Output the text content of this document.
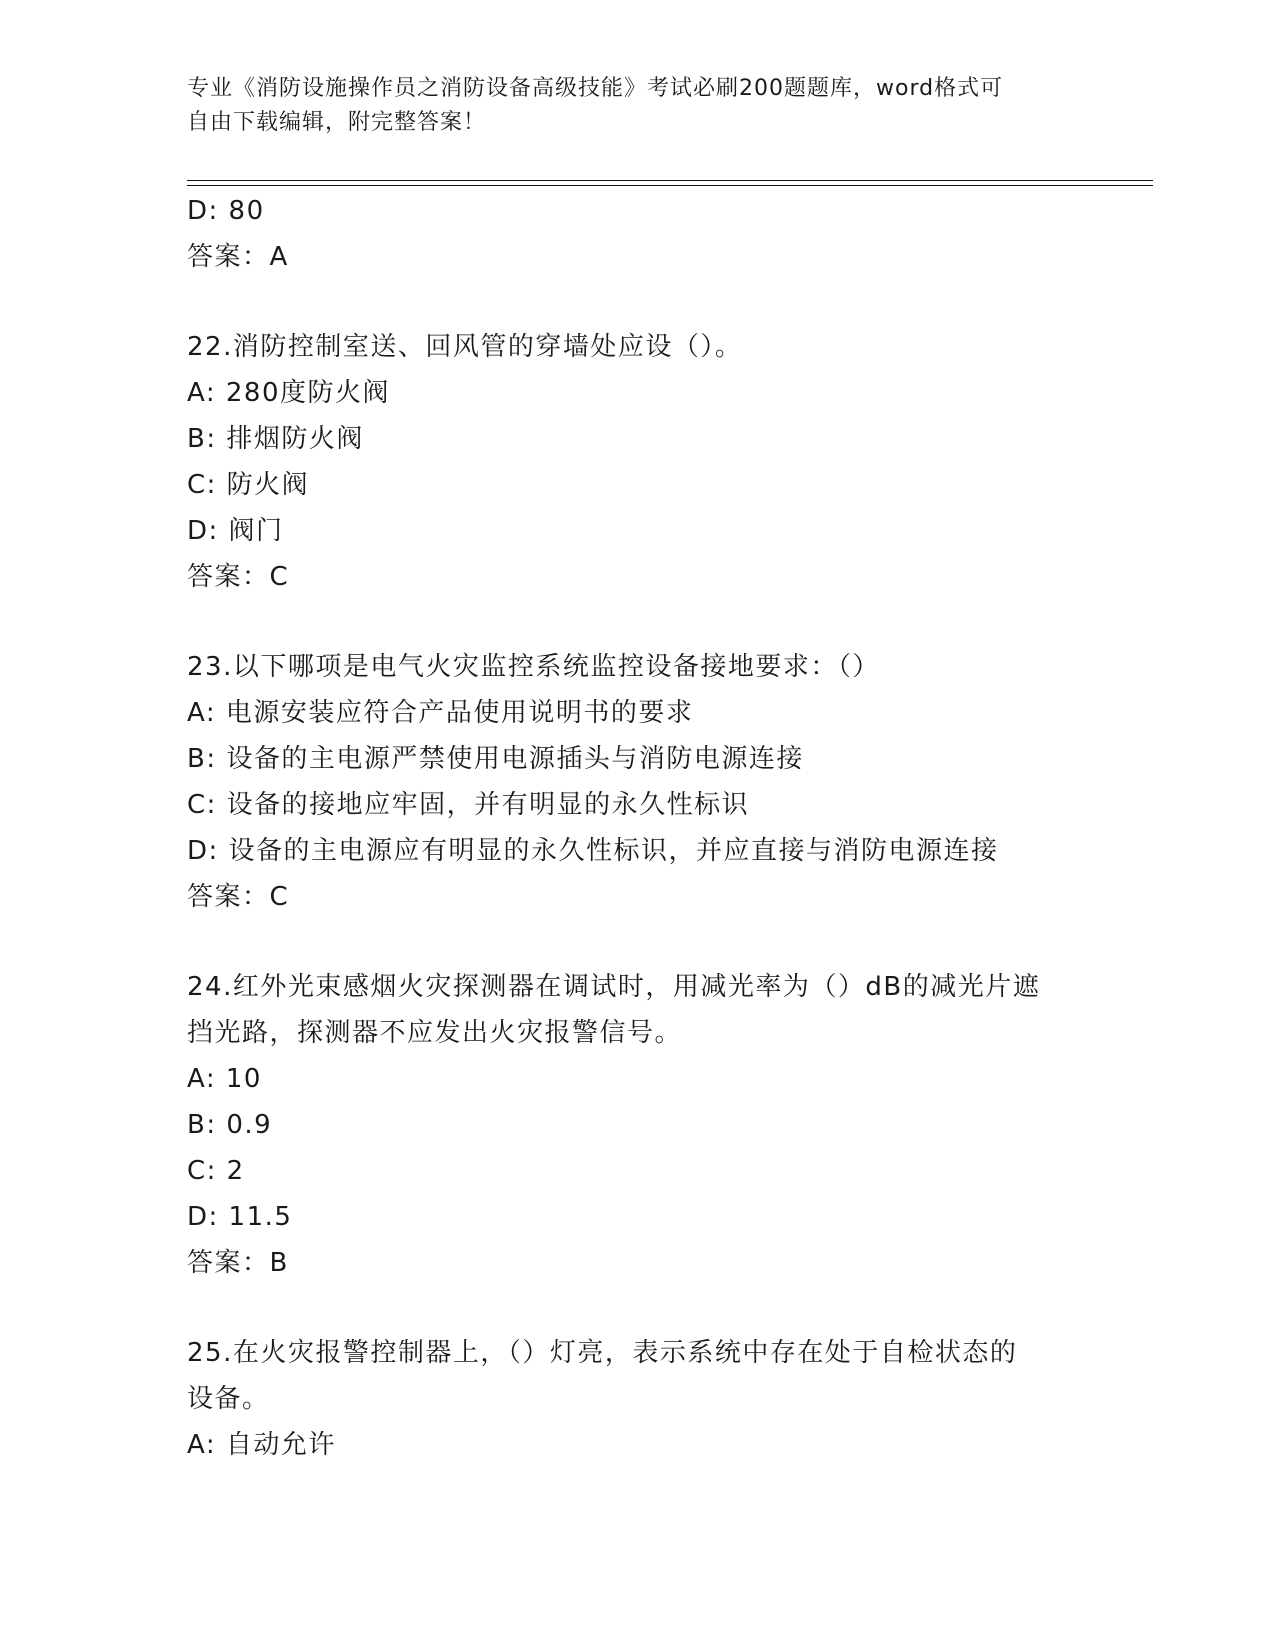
专业《消防设施操作员之消防设备高级技能》考试必刷200题题库，word格式可
自由下载编辑，附完整答案！
D: 80
答案：A
22.消防控制室送、回风管的穿墙处应设（）。
A: 280度防火阀
B: 排烟防火阀
C: 防火阀
D: 阀门
答案：C
23.以下哪项是电气火灾监控系统监控设备接地要求：（）
A: 电源安装应符合产品使用说明书的要求
B: 设备的主电源严禁使用电源插头与消防电源连接
C: 设备的接地应牢固，并有明显的永久性标识
D: 设备的主电源应有明显的永久性标识，并应直接与消防电源连接
答案：C
24.红外光束感烟火灾探测器在调试时，用减光率为（）dB的减光片遮
挡光路，探测器不应发出火灾报警信号。
A: 10
B: 0.9
C: 2
D: 11.5
答案：B
25.在火灾报警控制器上，（）灯亮，表示系统中存在处于自检状态的
设备。
A: 自动允许
